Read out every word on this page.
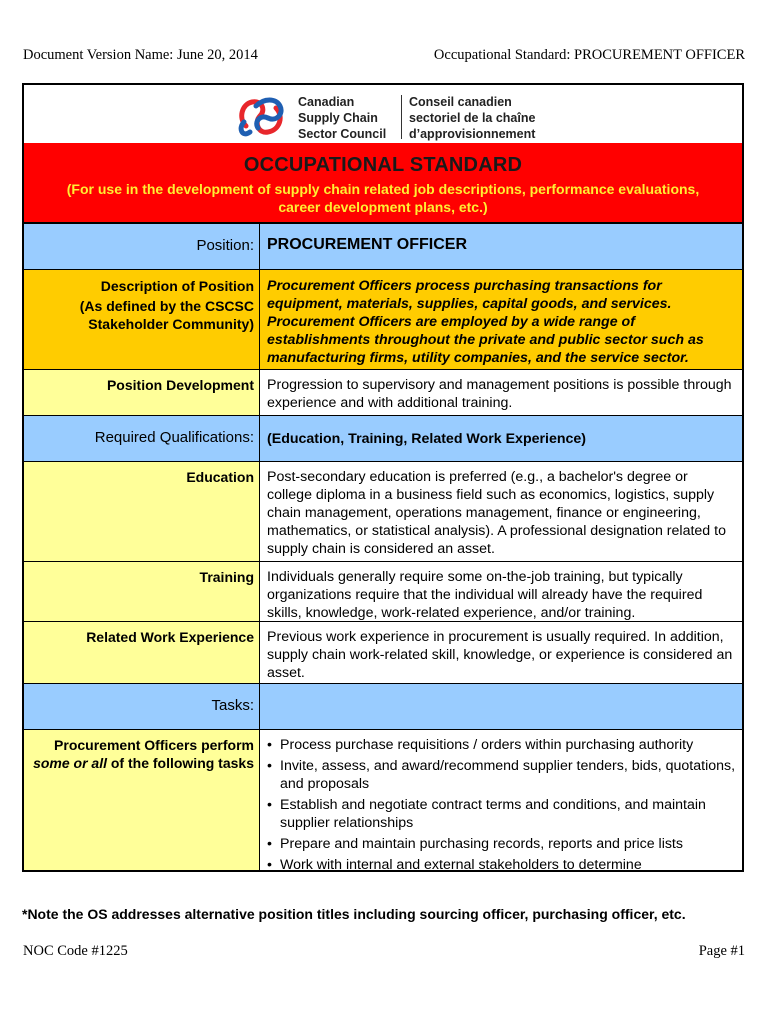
Document Version Name: June 20, 2014	Occupational Standard: PROCUREMENT OFFICER
Canadian
Supply Chain
Sector Council
Conseil canadien
sectoriel de la chaîne
d’approvisionnement
OCCUPATIONAL STANDARD
(For use in the development of supply chain related job descriptions, performance evaluations, career development plans, etc.)
Position: PROCUREMENT OFFICER
Description of Position
(As defined by the CSCSC Stakeholder Community)
Procurement Officers process purchasing transactions for equipment, materials, supplies, capital goods, and services. Procurement Officers are employed by a wide range of establishments throughout the private and public sector such as manufacturing firms, utility companies, and the service sector.
Position Development Progression to supervisory and management positions is possible through experience and with additional training.
Required Qualifications: (Education, Training, Related Work Experience)
Education Post-secondary education is preferred (e.g., a bachelor's degree or college diploma in a business field such as economics, logistics, supply chain management, operations management, finance or engineering, mathematics, or statistical analysis). A professional designation related to supply chain is considered an asset.
Training Individuals generally require some on-the-job training, but typically organizations require that the individual will already have the required skills, knowledge, work-related experience, and/or training.
Related Work Experience Previous work experience in procurement is usually required. In addition, supply chain work-related skill, knowledge, or experience is considered an asset.
Tasks:
Procurement Officers perform some or all of the following tasks
• Process purchase requisitions / orders within purchasing authority
• Invite, assess, and award/recommend supplier tenders, bids, quotations, and proposals
• Establish and negotiate contract terms and conditions, and maintain supplier relationships
• Prepare and maintain purchasing records, reports and price lists
• Work with internal and external stakeholders to determine
*Note the OS addresses alternative position titles including sourcing officer, purchasing officer, etc.
NOC Code #1225	Page #1
